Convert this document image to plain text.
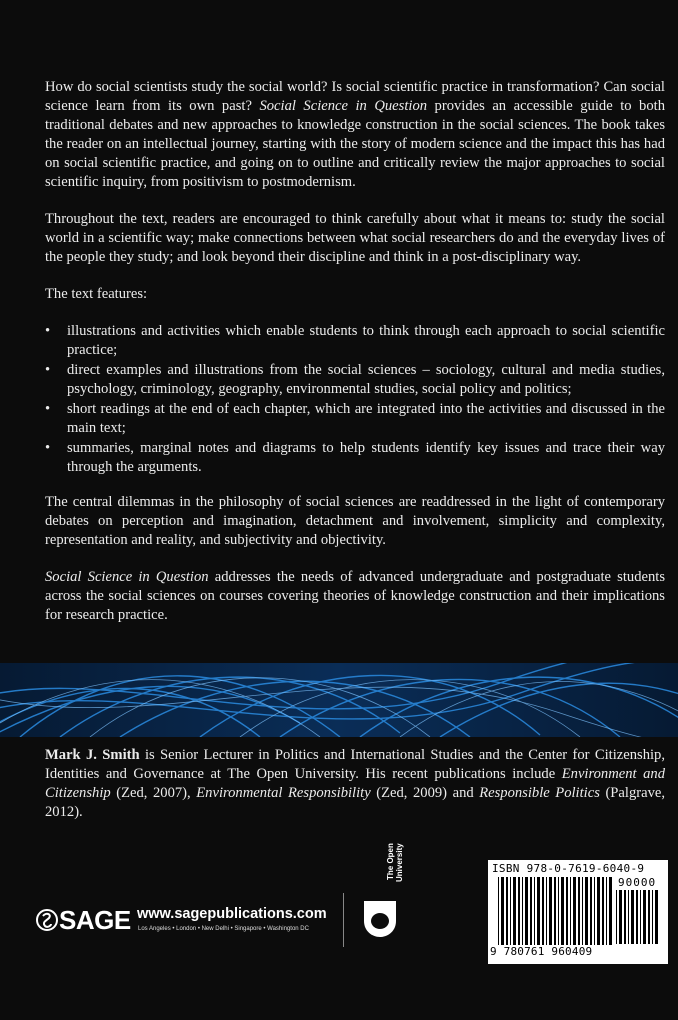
How do social scientists study the social world? Is social scientific practice in transformation? Can social science learn from its own past? Social Science in Question provides an accessible guide to both traditional debates and new approaches to knowledge construction in the social sciences. The book takes the reader on an intellectual journey, starting with the story of modern science and the impact this has had on social scientific practice, and going on to outline and critically review the major approaches to social scientific inquiry, from positivism to postmodernism.

Throughout the text, readers are encouraged to think carefully about what it means to: study the social world in a scientific way; make connections between what social researchers do and the everyday lives of the people they study; and look beyond their discipline and think in a post-disciplinary way.

The text features:

• illustrations and activities which enable students to think through each approach to social scientific practice;
• direct examples and illustrations from the social sciences – sociology, cultural and media studies, psychology, criminology, geography, environmental studies, social policy and politics;
• short readings at the end of each chapter, which are integrated into the activities and discussed in the main text;
• summaries, marginal notes and diagrams to help students identify key issues and trace their way through the arguments.

The central dilemmas in the philosophy of social sciences are readdressed in the light of contemporary debates on perception and imagination, detachment and involvement, simplicity and complexity, representation and reality, and subjectivity and objectivity.

Social Science in Question addresses the needs of advanced undergraduate and postgraduate students across the social sciences on courses covering theories of knowledge construction and their implications for research practice.

Mark J. Smith is Senior Lecturer in Politics and International Studies and the Center for Citizenship, Identities and Governance at The Open University. His recent publications include Environment and Citizenship (Zed, 2007), Environmental Responsibility (Zed, 2009) and Responsible Politics (Palgrave, 2012).
SAGE www.sagepublications.com
Los Angeles • London • New Delhi • Singapore • Washington DC
The Open University	ISBN 978-0-7619-6040-9
90000
9 780761 960409
